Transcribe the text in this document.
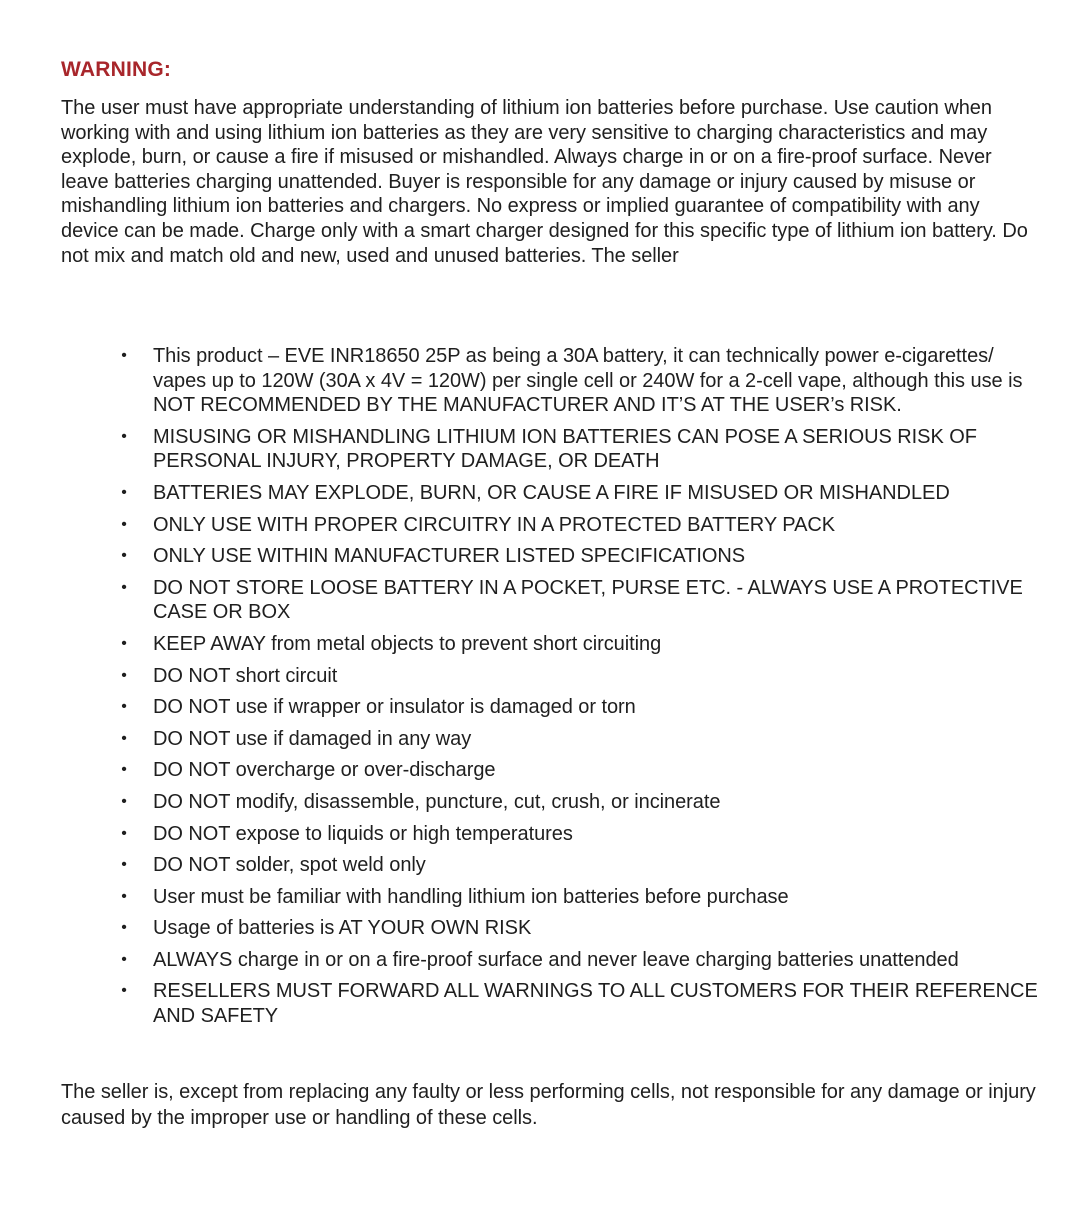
WARNING:

The user must have appropriate understanding of lithium ion batteries before purchase. Use caution when working with and using lithium ion batteries as they are very sensitive to charging characteristics and may explode, burn, or cause a fire if misused or mishandled. Always charge in or on a fire-proof surface. Never leave batteries charging unattended. Buyer is responsible for any damage or injury caused by misuse or mishandling lithium ion batteries and chargers. No express or implied guarantee of compatibility with any device can be made. Charge only with a smart charger designed for this specific type of lithium ion battery. Do not mix and match old and new, used and unused batteries. The seller

• This product – EVE INR18650 25P as being a 30A battery, it can technically power e-cigarettes/ vapes up to 120W (30A x 4V = 120W) per single cell or 240W for a 2-cell vape, although this use is NOT RECOMMENDED BY THE MANUFACTURER AND IT’S AT THE USER’s RISK.
• MISUSING OR MISHANDLING LITHIUM ION BATTERIES CAN POSE A SERIOUS RISK OF PERSONAL INJURY, PROPERTY DAMAGE, OR DEATH
• BATTERIES MAY EXPLODE, BURN, OR CAUSE A FIRE IF MISUSED OR MISHANDLED
• ONLY USE WITH PROPER CIRCUITRY IN A PROTECTED BATTERY PACK
• ONLY USE WITHIN MANUFACTURER LISTED SPECIFICATIONS
• DO NOT STORE LOOSE BATTERY IN A POCKET, PURSE ETC. - ALWAYS USE A PROTECTIVE CASE OR BOX
• KEEP AWAY from metal objects to prevent short circuiting
• DO NOT short circuit
• DO NOT use if wrapper or insulator is damaged or torn
• DO NOT use if damaged in any way
• DO NOT overcharge or over-discharge
• DO NOT modify, disassemble, puncture, cut, crush, or incinerate
• DO NOT expose to liquids or high temperatures
• DO NOT solder, spot weld only
• User must be familiar with handling lithium ion batteries before purchase
• Usage of batteries is AT YOUR OWN RISK
• ALWAYS charge in or on a fire-proof surface and never leave charging batteries unattended
• RESELLERS MUST FORWARD ALL WARNINGS TO ALL CUSTOMERS FOR THEIR REFERENCE AND SAFETY

The seller is, except from replacing any faulty or less performing cells, not responsible for any damage or injury caused by the improper use or handling of these cells.
